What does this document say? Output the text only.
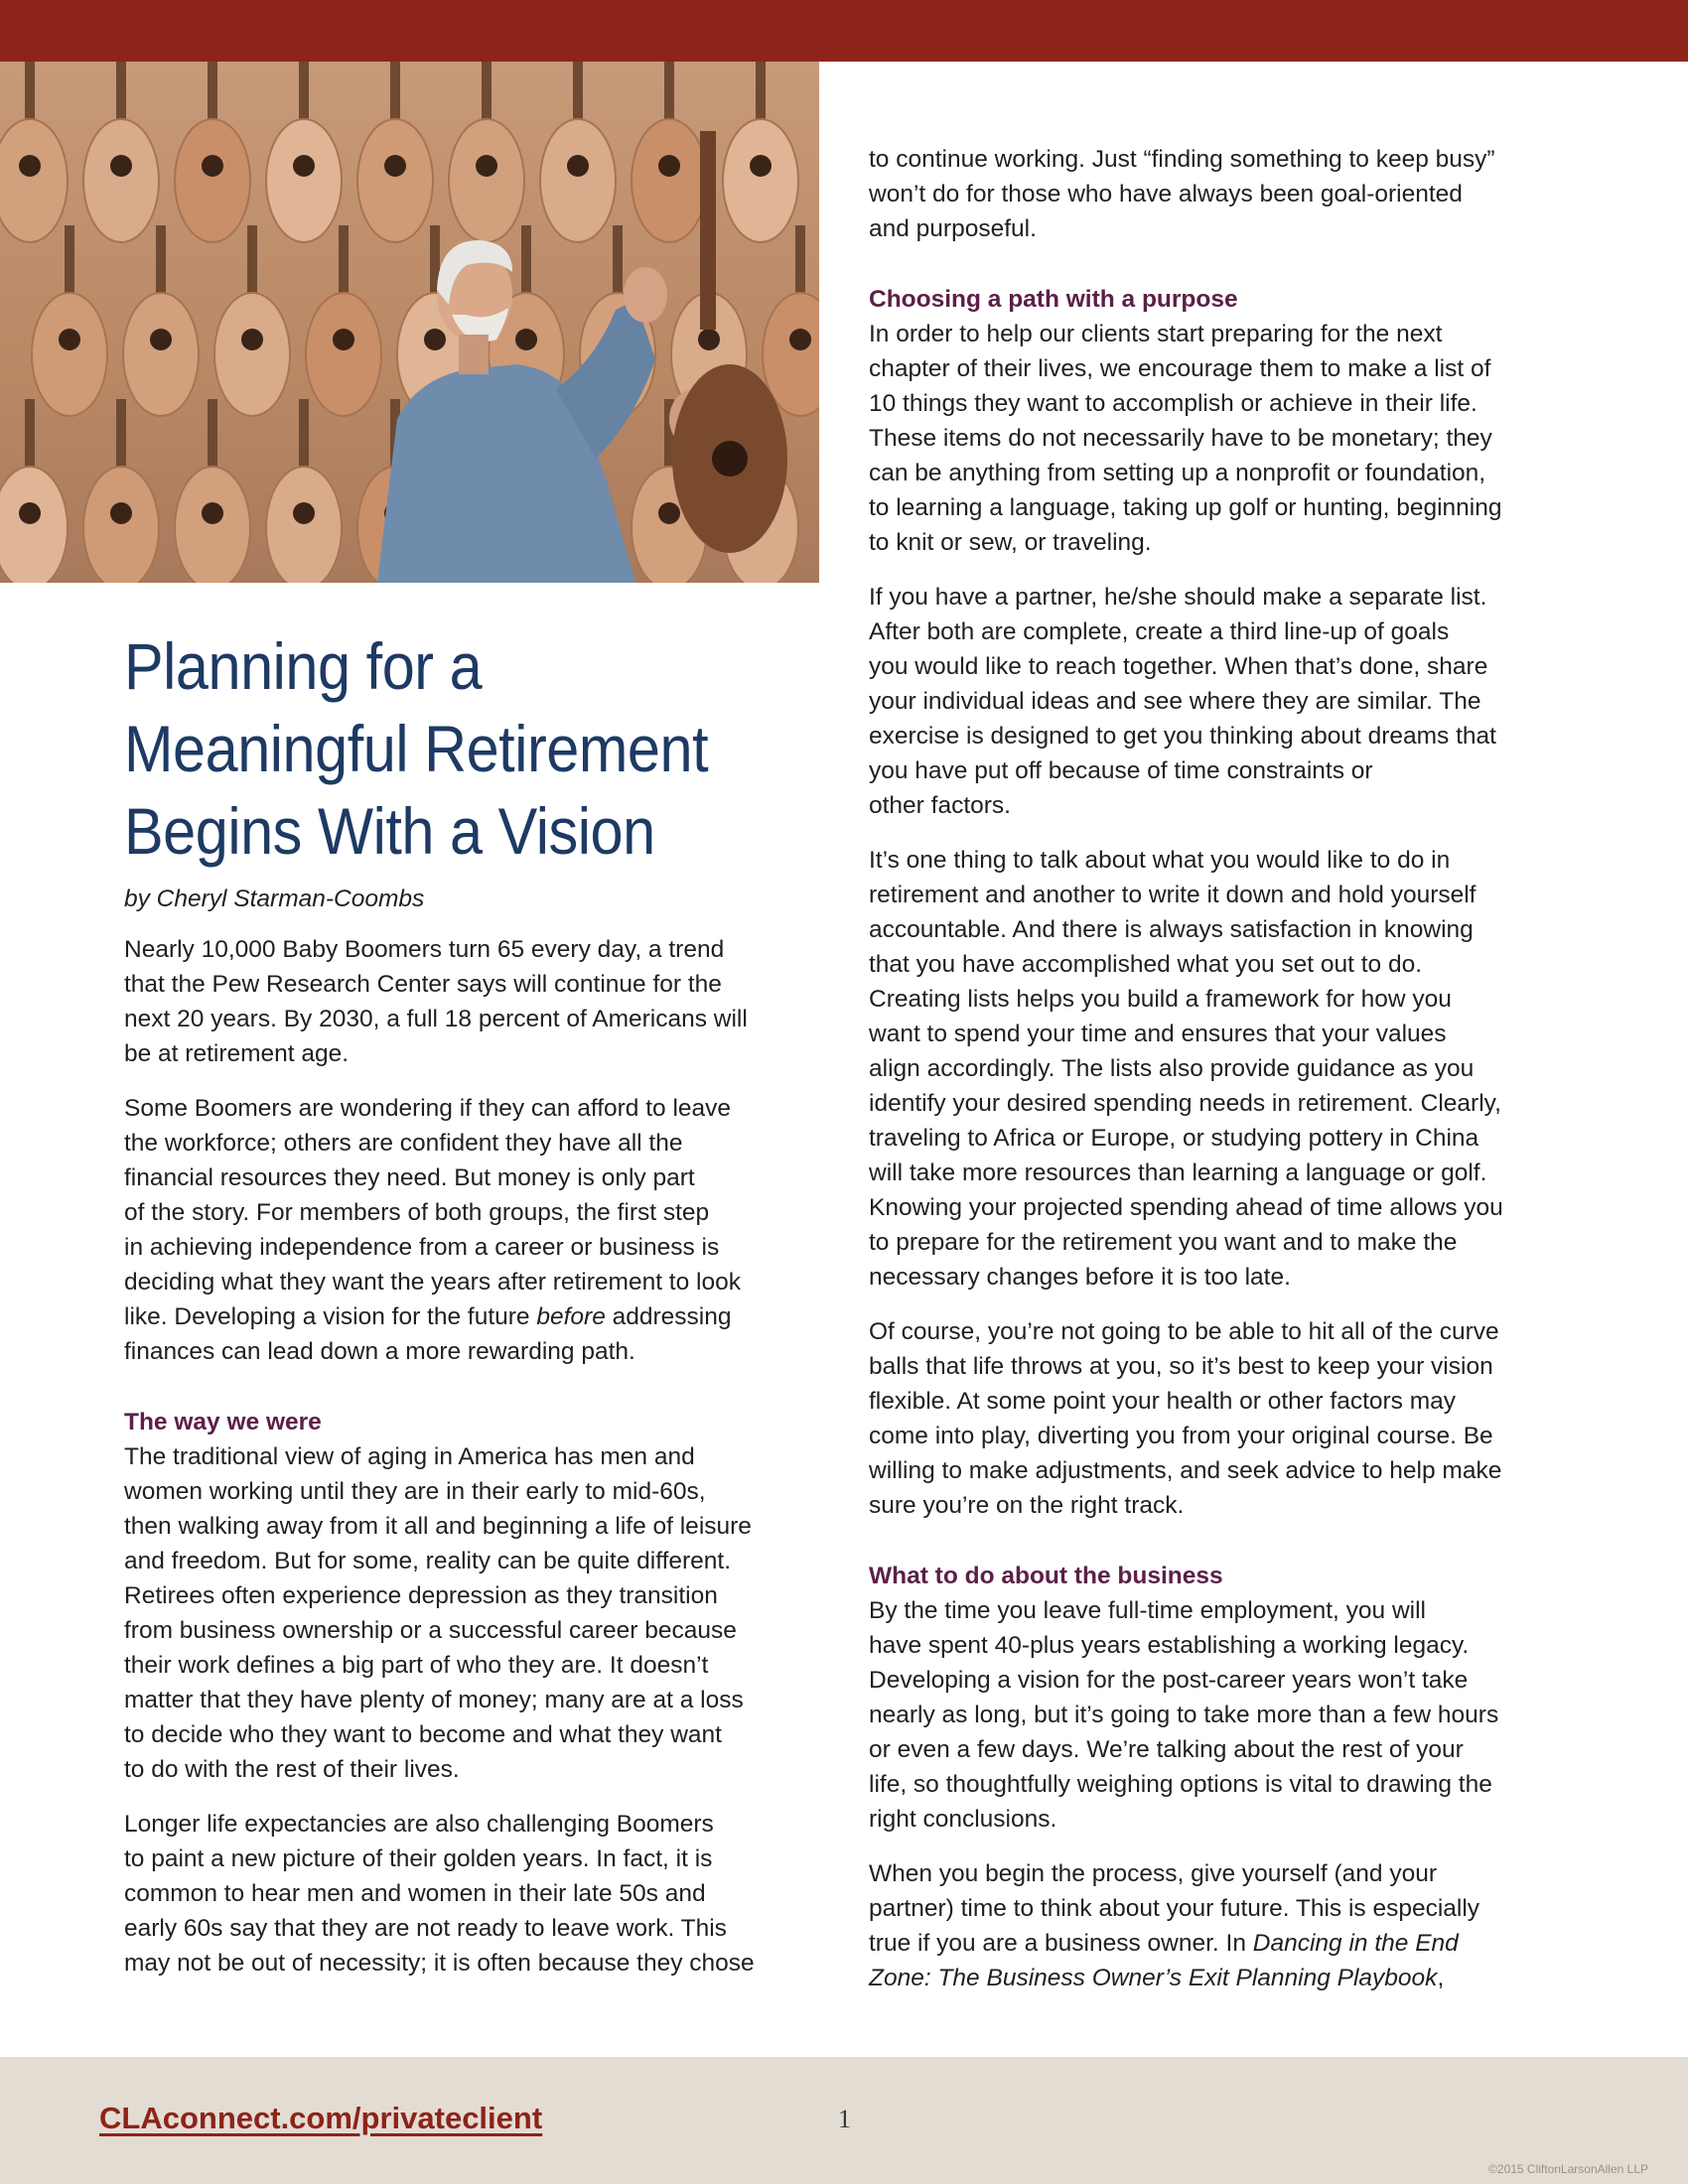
Planning for a
Meaningful Retirement
Begins With a Vision
by Cheryl Starman-Coombs
Nearly 10,000 Baby Boomers turn 65 every day, a trend
that the Pew Research Center says will continue for the
next 20 years. By 2030, a full 18 percent of Americans will
be at retirement age.
Some Boomers are wondering if they can afford to leave
the workforce; others are confident they have all the
financial resources they need. But money is only part
of the story. For members of both groups, the first step
in achieving independence from a career or business is
deciding what they want the years after retirement to look
like. Developing a vision for the future before addressing
finances can lead down a more rewarding path.
The way we were
The traditional view of aging in America has men and
women working until they are in their early to mid-60s,
then walking away from it all and beginning a life of leisure
and freedom. But for some, reality can be quite different.
Retirees often experience depression as they transition
from business ownership or a successful career because
their work defines a big part of who they are. It doesn’t
matter that they have plenty of money; many are at a loss
to decide who they want to become and what they want
to do with the rest of their lives.
Longer life expectancies are also challenging Boomers
to paint a new picture of their golden years. In fact, it is
common to hear men and women in their late 50s and
early 60s say that they are not ready to leave work. This
may not be out of necessity; it is often because they chose
to continue working. Just “finding something to keep busy”
won’t do for those who have always been goal-oriented
and purposeful.
Choosing a path with a purpose
In order to help our clients start preparing for the next
chapter of their lives, we encourage them to make a list of
10 things they want to accomplish or achieve in their life.
These items do not necessarily have to be monetary; they
can be anything from setting up a nonprofit or foundation,
to learning a language, taking up golf or hunting, beginning
to knit or sew, or traveling.
If you have a partner, he/she should make a separate list.
After both are complete, create a third line-up of goals
you would like to reach together. When that’s done, share
your individual ideas and see where they are similar. The
exercise is designed to get you thinking about dreams that
you have put off because of time constraints or
other factors.
It’s one thing to talk about what you would like to do in
retirement and another to write it down and hold yourself
accountable. And there is always satisfaction in knowing
that you have accomplished what you set out to do.
Creating lists helps you build a framework for how you
want to spend your time and ensures that your values
align accordingly. The lists also provide guidance as you
identify your desired spending needs in retirement. Clearly,
traveling to Africa or Europe, or studying pottery in China
will take more resources than learning a language or golf.
Knowing your projected spending ahead of time allows you
to prepare for the retirement you want and to make the
necessary changes before it is too late.
Of course, you’re not going to be able to hit all of the curve
balls that life throws at you, so it’s best to keep your vision
flexible. At some point your health or other factors may
come into play, diverting you from your original course. Be
willing to make adjustments, and seek advice to help make
sure you’re on the right track.
What to do about the business
By the time you leave full-time employment, you will
have spent 40-plus years establishing a working legacy.
Developing a vision for the post-career years won’t take
nearly as long, but it’s going to take more than a few hours
or even a few days. We’re talking about the rest of your
life, so thoughtfully weighing options is vital to drawing the
right conclusions.
When you begin the process, give yourself (and your
partner) time to think about your future. This is especially
true if you are a business owner. In Dancing in the End
Zone: The Business Owner’s Exit Planning Playbook,
CLAconnect.com/privateclient	1
©2015 CliftonLarsonAllen LLP
